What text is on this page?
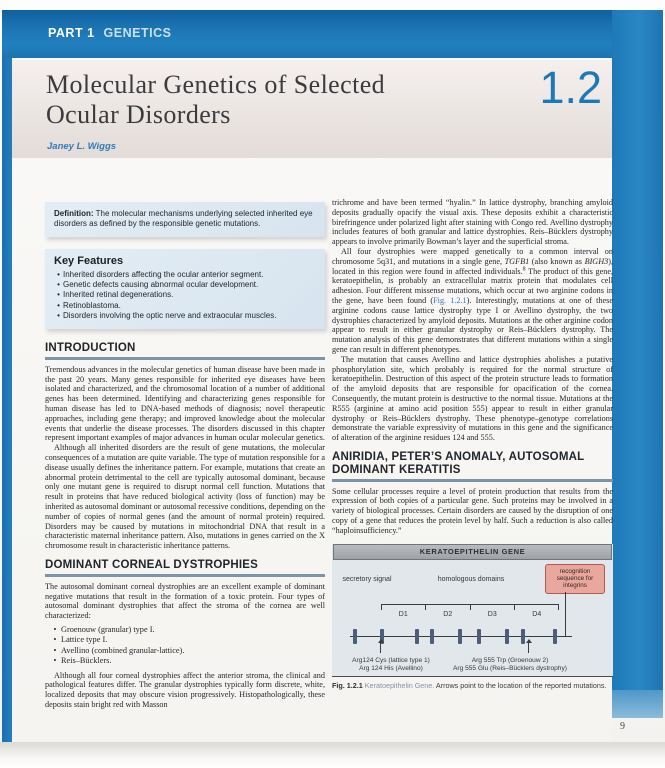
PART 1 GENETICS
Molecular Genetics of Selected
Ocular Disorders
1.2
Janey L. Wiggs
Definition: The molecular mechanisms underlying selected inherited eye disorders as defined by the responsible genetic mutations.
Key Features
• Inherited disorders affecting the ocular anterior segment.
• Genetic defects causing abnormal ocular development.
• Inherited retinal degenerations.
• Retinoblastoma.
• Disorders involving the optic nerve and extraocular muscles.
INTRODUCTION

Tremendous advances in the molecular genetics of human disease have been made in the past 20 years. Many genes responsible for inherited eye diseases have been isolated and characterized, and the chromosomal location of a number of additional genes has been determined. Identifying and characterizing genes responsible for human disease has led to DNA-based methods of diagnosis; novel therapeutic approaches, including gene therapy; and improved knowledge about the molecular events that underlie the disease processes. The disorders discussed in this chapter represent important examples of major advances in human ocular molecular genetics.

Although all inherited disorders are the result of gene mutations, the molecular consequences of a mutation are quite variable. The type of mutation responsible for a disease usually defines the inheritance pattern. For example, mutations that create an abnormal protein detrimental to the cell are typically autosomal dominant, because only one mutant gene is required to disrupt normal cell function. Mutations that result in proteins that have reduced biological activity (loss of function) may be inherited as autosomal dominant or autosomal recessive conditions, depending on the number of copies of normal genes (and the amount of normal protein) required. Disorders may be caused by mutations in mitochondrial DNA that result in a characteristic maternal inheritance pattern. Also, mutations in genes carried on the X chromosome result in characteristic inheritance patterns.

DOMINANT CORNEAL DYSTROPHIES

The autosomal dominant corneal dystrophies are an excellent example of dominant negative mutations that result in the formation of a toxic protein. Four types of autosomal dominant dystrophies that affect the stroma of the cornea are well characterized:

• Groenouw (granular) type I.
• Lattice type I.
• Avellino (combined granular-lattice).
• Reis–Bücklers.

Although all four corneal dystrophies affect the anterior stroma, the clinical and pathological features differ. The granular dystrophies typically form discrete, white, localized deposits that may obscure vision progressively. Histopathologically, these deposits stain bright red with Masson

trichrome and have been termed “hyalin.” In lattice dystrophy, branching amyloid deposits gradually opacify the visual axis. These deposits exhibit a characteristic birefringence under polarized light after staining with Congo red. Avellino dystrophy includes features of both granular and lattice dystrophies. Reis–Bücklers dystrophy appears to involve primarily Bowman’s layer and the superficial stroma.

All four dystrophies were mapped genetically to a common interval on chromosome 5q31, and mutations in a single gene, TGFB1 (also known as BIGH3), located in this region were found in affected individuals.$^8$ The product of this gene, keratoepithelin, is probably an extracellular matrix protein that modulates cell adhesion. Four different missense mutations, which occur at two arginine codons in the gene, have been found (Fig. 1.2.1). Interestingly, mutations at one of these arginine codons cause lattice dystrophy type I or Avellino dystrophy, the two dystrophies characterized by amyloid deposits. Mutations at the other arginine codon appear to result in either granular dystrophy or Reis–Bücklers dystrophy. The mutation analysis of this gene demonstrates that different mutations within a single gene can result in different phenotypes.

The mutation that causes Avellino and lattice dystrophies abolishes a putative phosphorylation site, which probably is required for the normal structure of keratoepithelin. Destruction of this aspect of the protein structure leads to formation of the amyloid deposits that are responsible for opacification of the cornea. Consequently, the mutant protein is destructive to the normal tissue. Mutations at the R555 (arginine at amino acid position 555) appear to result in either granular dystrophy or Reis–Bücklers dystrophy. These phenotype–genotype correlations demonstrate the variable expressivity of mutations in this gene and the significance of alteration of the arginine residues 124 and 555.

ANIRIDIA, PETER’S ANOMALY, AUTOSOMAL DOMINANT KERATITIS

Some cellular processes require a level of protein production that results from the expression of both copies of a particular gene. Such proteins may be involved in a variety of biological processes. Certain disorders are caused by the disruption of one copy of a gene that reduces the protein level by half. Such a reduction is also called “haploinsufficiency.”

KERATOEPITHELIN GENE
secretory signal	homologous domains
recognition sequence for integrins
D1	D2	D3	D4
Arg124 Cys (lattice type 1)
Arg 124 His (Avellino)
Arg 555 Trp (Groenouw 2)
Arg 555 Glu (Reis–Bücklers dystrophy)
Fig. 1.2.1 Keratoepithelin Gene. Arrows point to the location of the reported mutations.
9
